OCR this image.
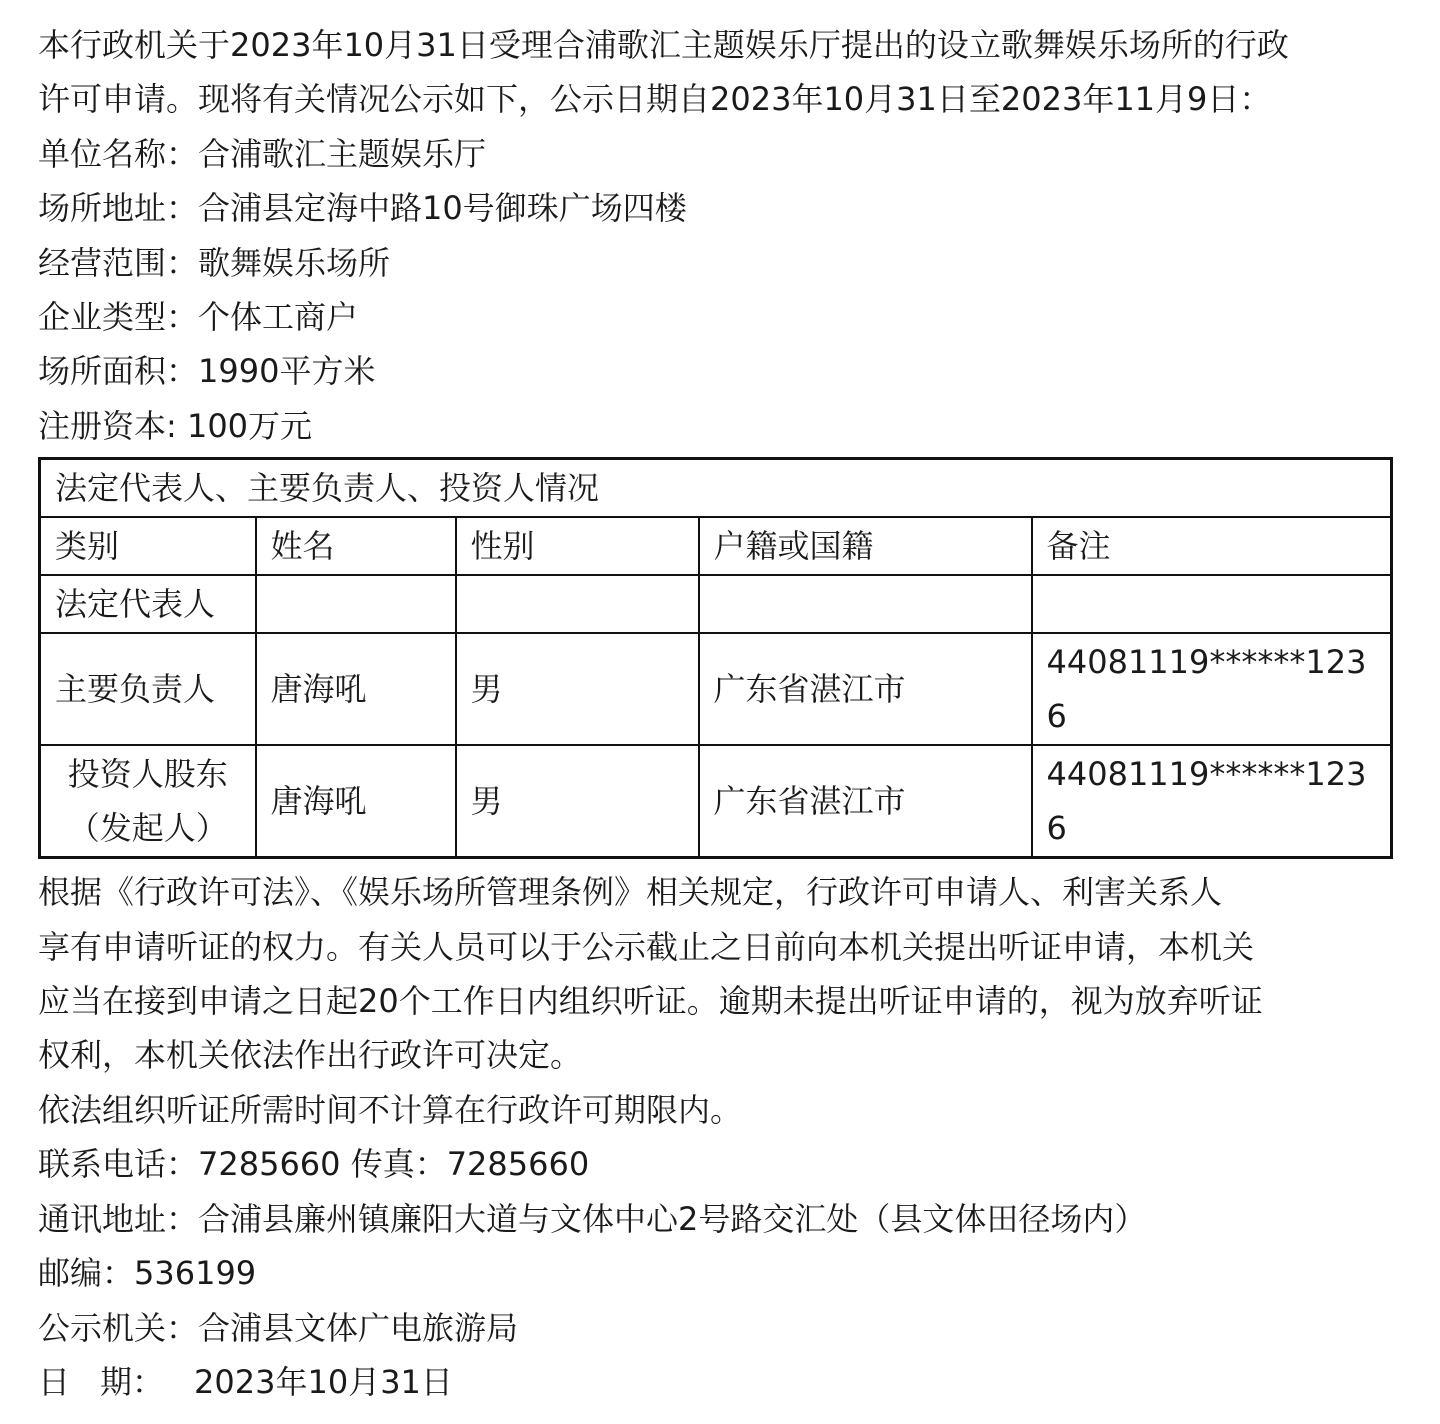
本行政机关于2023年10月31日受理合浦歌汇主题娱乐厅提出的设立歌舞娱乐场所的行政
许可申请。现将有关情况公示如下，公示日期自2023年10月31日至2023年11月9日：
单位名称：合浦歌汇主题娱乐厅
场所地址：合浦县定海中路10号御珠广场四楼
经营范围：歌舞娱乐场所
企业类型：个体工商户
场所面积：1990平方米
注册资本: 100万元
法定代表人、主要负责人、投资人情况				
类别	姓名	性别	户籍或国籍	备注
法定代表人				
主要负责人	唐海吼	男	广东省湛江市	44081119******1236
投资人股东（发起人）	唐海吼	男	广东省湛江市	44081119******1236
根据《行政许可法》、《娱乐场所管理条例》相关规定，行政许可申请人、利害关系人
享有申请听证的权力。有关人员可以于公示截止之日前向本机关提出听证申请，本机关
应当在接到申请之日起20个工作日内组织听证。逾期未提出听证申请的，视为放弃听证
权利，本机关依法作出行政许可决定。
依法组织听证所需时间不计算在行政许可期限内。
联系电话：7285660 传真：7285660
通讯地址：合浦县廉州镇廉阳大道与文体中心2号路交汇处（县文体田径场内）
邮编：536199
公示机关：合浦县文体广电旅游局
日 期： 2023年10月31日
